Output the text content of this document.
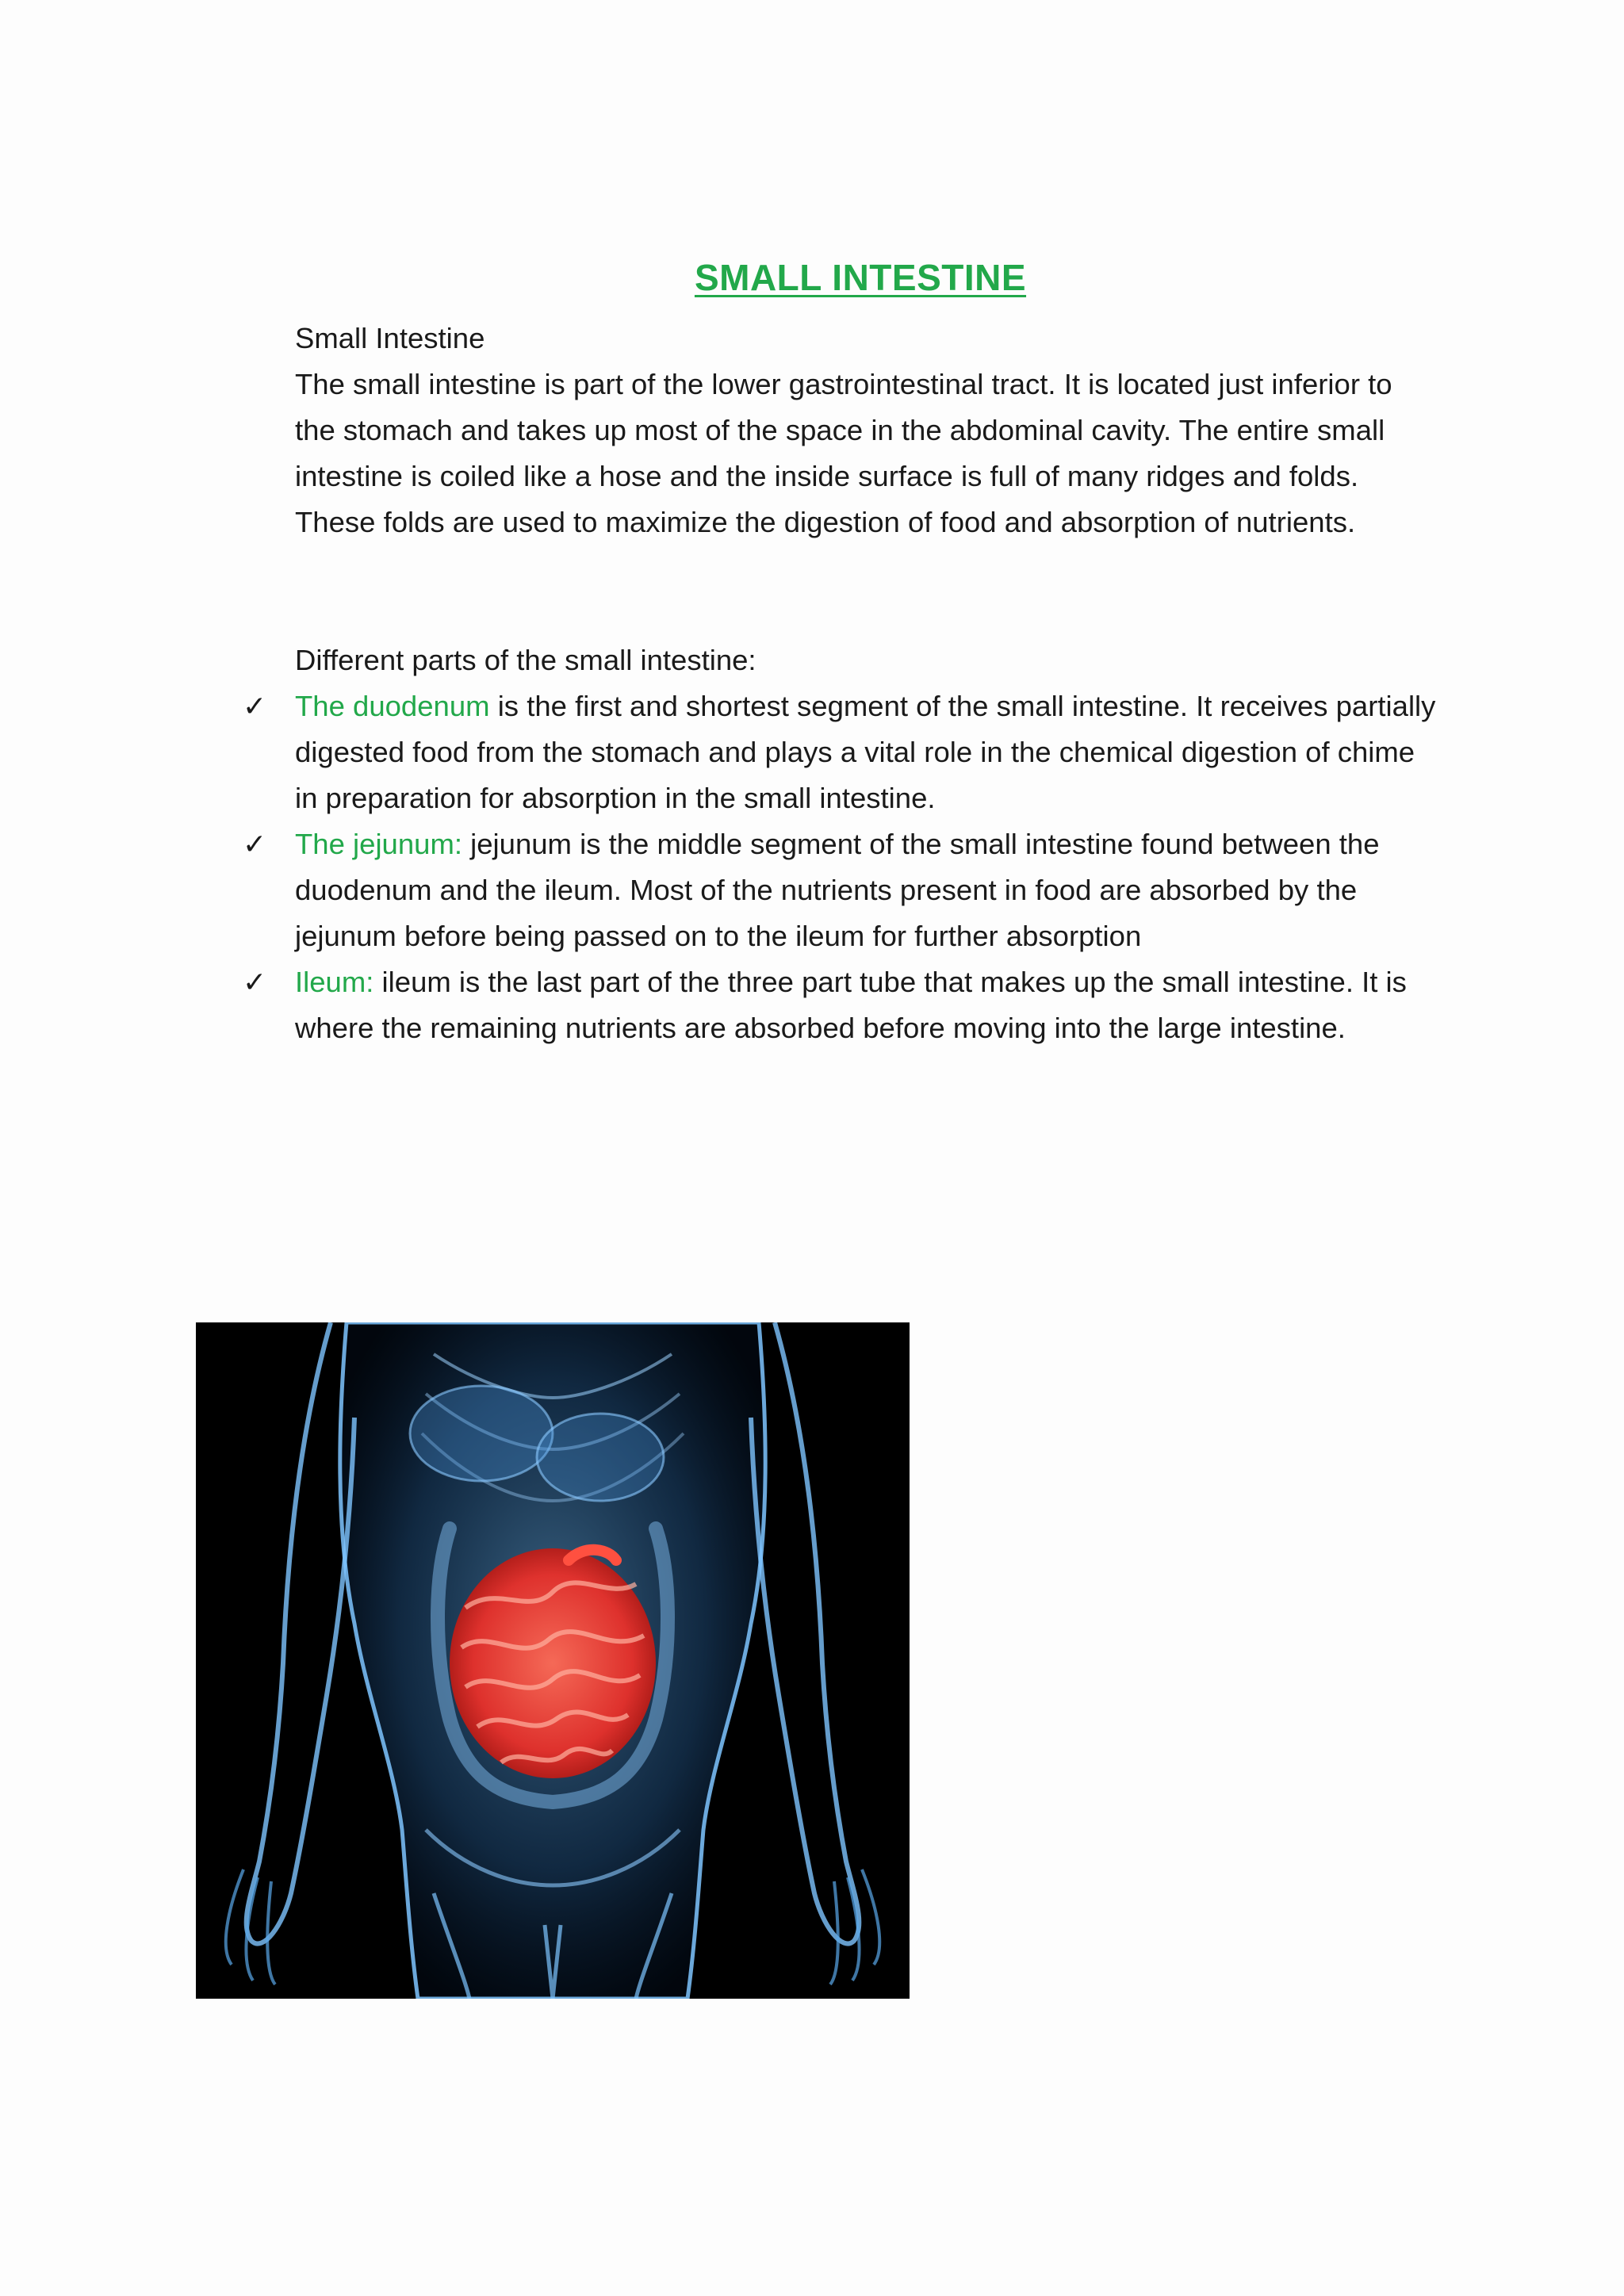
SMALL INTESTINE
Small Intestine
The small intestine is part of the lower gastrointestinal tract. It is located just inferior to the stomach and takes up most of the space in the abdominal cavity. The entire small intestine is coiled like a hose and the inside surface is full of many ridges and folds. These folds are used to maximize the digestion of food and absorption of nutrients.
Different parts of the small intestine:
✓ The duodenum is the first and shortest segment of the small intestine. It receives partially digested food from the stomach and plays a vital role in the chemical digestion of chime in preparation for absorption in the small intestine.
✓ The jejunum: jejunum is the middle segment of the small intestine found between the duodenum and the ileum. Most of the nutrients present in food are absorbed by the jejunum before being passed on to the ileum for further absorption
✓ Ileum: ileum is the last part of the three part tube that makes up the small intestine. It is where the remaining nutrients are absorbed before moving into the large intestine.
